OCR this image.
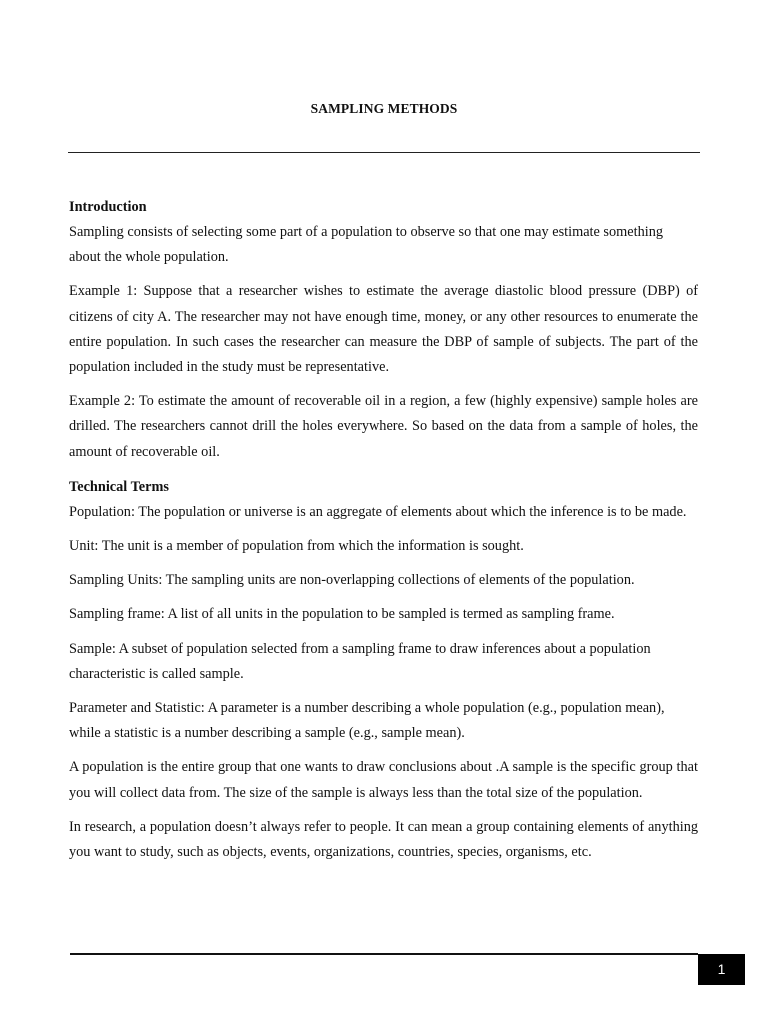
SAMPLING METHODS
Introduction

Sampling consists of selecting some part of a population to observe so that one may estimate something about the whole population.

Example 1: Suppose that a researcher wishes to estimate the average diastolic blood pressure (DBP) of citizens of city A. The researcher may not have enough time, money, or any other resources to enumerate the entire population. In such cases the researcher can measure the DBP of sample of subjects. The part of the population included in the study must be representative.

Example 2: To estimate the amount of recoverable oil in a region, a few (highly expensive) sample holes are drilled. The researchers cannot drill the holes everywhere. So based on the data from a sample of holes, the amount of recoverable oil.

Technical Terms

Population: The population or universe is an aggregate of elements about which the inference is to be made.

Unit: The unit is a member of population from which the information is sought.

Sampling Units: The sampling units are non-overlapping collections of elements of the population.

Sampling frame: A list of all units in the population to be sampled is termed as sampling frame.

Sample: A subset of population selected from a sampling frame to draw inferences about a population characteristic is called sample.

Parameter and Statistic: A parameter is a number describing a whole population (e.g., population mean), while a statistic is a number describing a sample (e.g., sample mean).

A population is the entire group that one wants to draw conclusions about .A sample is the specific group that you will collect data from. The size of the sample is always less than the total size of the population.

In research, a population doesn’t always refer to people. It can mean a group containing elements of anything you want to study, such as objects, events, organizations, countries, species, organisms, etc.

1
